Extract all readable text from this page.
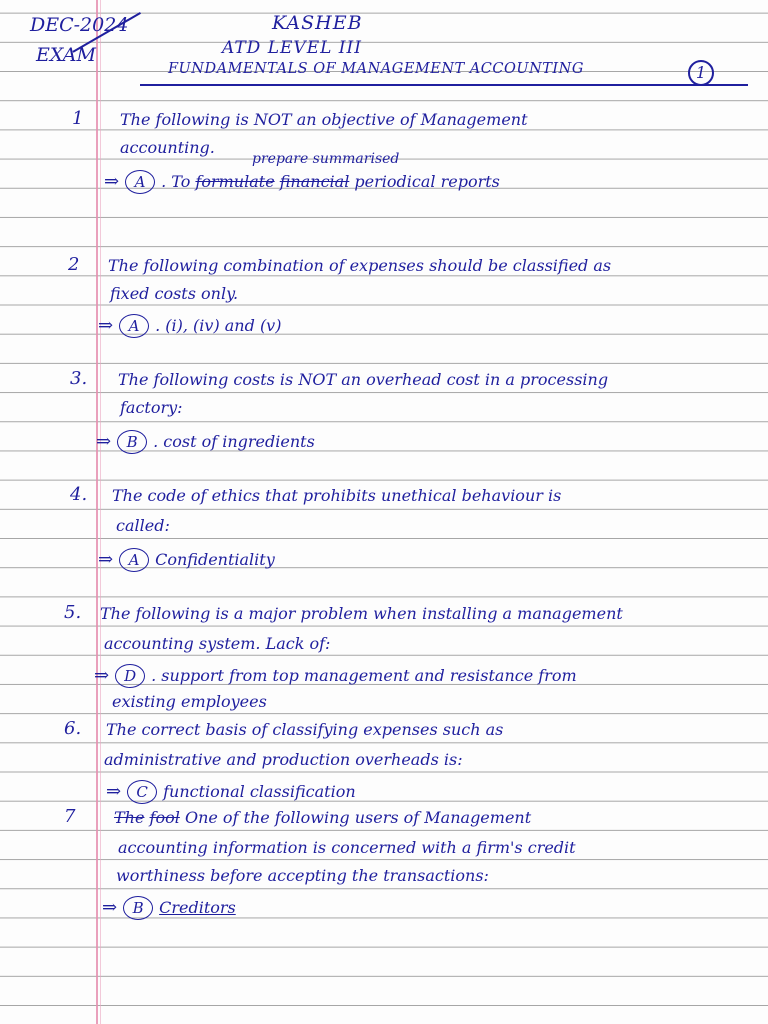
DEC-2024
EXAM
KASHEB
ATD LEVEL III
FUNDAMENTALS OF MANAGEMENT ACCOUNTING	1
1 The following is NOT an objective of Management
accounting.
prepare summarised
⇒ A . To formulate financial periodical reports
2 The following combination of expenses should be classified as
fixed costs only.
⇒ A . (i), (iv) and (v)
3. The following costs is NOT an overhead cost in a processing
factory:
⇒ B . cost of ingredients
4. The code of ethics that prohibits unethical behaviour is
called:
⇒ A Confidentiality
5. The following is a major problem when installing a management
accounting system. Lack of:
⇒ D . support from top management and resistance from
existing employees
6. The correct basis of classifying expenses such as
administrative and production overheads is:
⇒ C functional classification
7 The fool One of the following users of Management
accounting information is concerned with a firm's credit
worthiness before accepting the transactions:
⇒ B Creditors
